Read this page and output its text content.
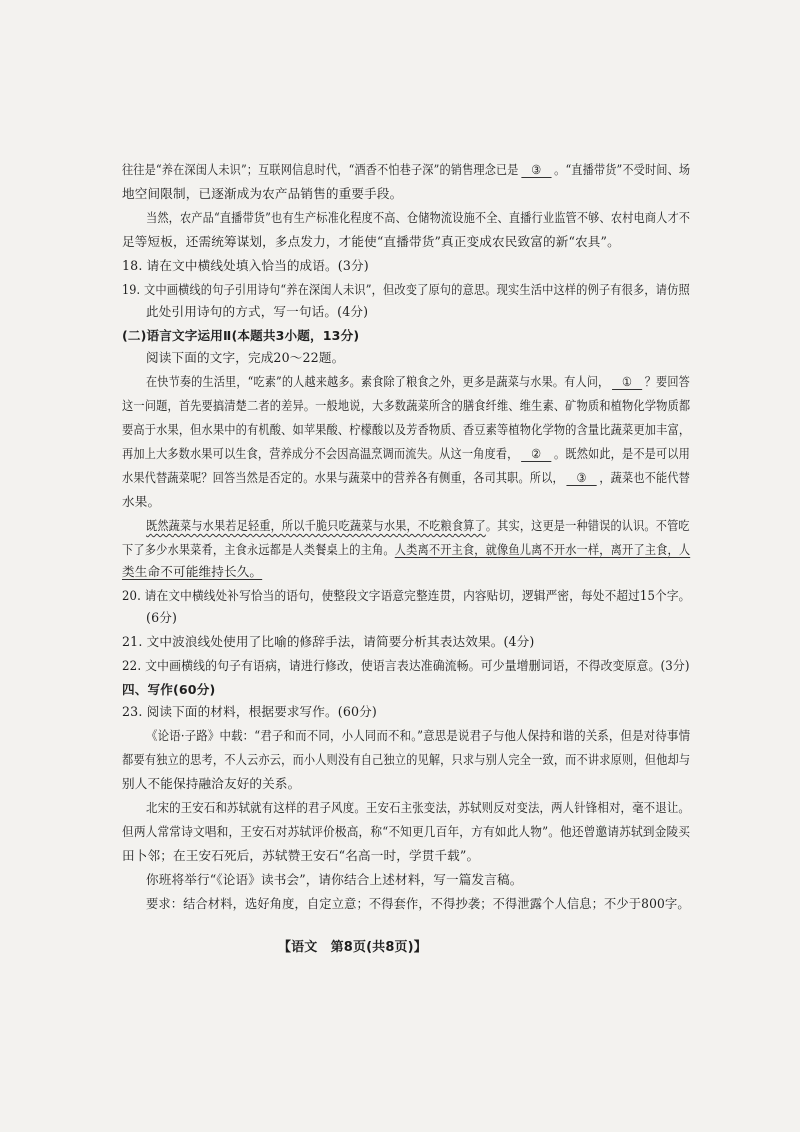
往往是“养在深闺人未识”；互联网信息时代，“酒香不怕巷子深”的销售理念已是 ③ 。“直播带货”不受时间、场
地空间限制，已逐渐成为农产品销售的重要手段。
当然，农产品“直播带货”也有生产标准化程度不高、仓储物流设施不全、直播行业监管不够、农村电商人才不
足等短板，还需统筹谋划，多点发力，才能使“直播带货”真正变成农民致富的新“农具”。
18. 请在文中横线处填入恰当的成语。(3分)
19. 文中画横线的句子引用诗句“养在深闺人未识”，但改变了原句的意思。现实生活中这样的例子有很多，请仿照
此处引用诗句的方式，写一句话。(4分)
(二)语言文字运用Ⅱ(本题共3小题，13分)
阅读下面的文字，完成20～22题。
在快节奏的生活里，“吃素”的人越来越多。素食除了粮食之外，更多是蔬菜与水果。有人问， ① ？要回答
这一问题，首先要搞清楚二者的差异。一般地说，大多数蔬菜所含的膳食纤维、维生素、矿物质和植物化学物质都
要高于水果，但水果中的有机酸、如苹果酸、柠檬酸以及芳香物质、香豆素等植物化学物的含量比蔬菜更加丰富，
再加上大多数水果可以生食，营养成分不会因高温烹调而流失。从这一角度看， ② 。既然如此，是不是可以用
水果代替蔬菜呢？回答当然是否定的。水果与蔬菜中的营养各有侧重，各司其职。所以， ③ ，蔬菜也不能代替
水果。
既然蔬菜与水果若足轻重，所以千脆只吃蔬菜与水果，不吃粮食算了。其实，这更是一种错误的认识。不管吃
下了多少水果菜肴，主食永远都是人类餐桌上的主角。人类离不开主食，就像鱼儿离不开水一样，离开了主食，人
类生命不可能维持长久。
20. 请在文中横线处补写恰当的语句，使整段文字语意完整连贯，内容贴切，逻辑严密，每处不超过15个字。
(6分)
21. 文中波浪线处使用了比喻的修辞手法，请简要分析其表达效果。(4分)
22. 文中画横线的句子有语病，请进行修改，使语言表达准确流畅。可少量增删词语，不得改变原意。(3分)
四、写作(60分)
23. 阅读下面的材料，根据要求写作。(60分)
《论语·子路》中载：“君子和而不同，小人同而不和。”意思是说君子与他人保持和谐的关系，但是对待事情
都要有独立的思考，不人云亦云，而小人则没有自己独立的见解，只求与别人完全一致，而不讲求原则，但他却与
别人不能保持融洽友好的关系。
北宋的王安石和苏轼就有这样的君子风度。王安石主张变法，苏轼则反对变法，两人针锋相对，毫不退让。
但两人常常诗文唱和，王安石对苏轼评价极高，称“不知更几百年，方有如此人物”。他还曾邀请苏轼到金陵买
田卜邻；在王安石死后，苏轼赞王安石“名高一时，学贯千载”。
你班将举行“《论语》读书会”，请你结合上述材料，写一篇发言稿。
要求：结合材料，选好角度，自定立意；不得套作，不得抄袭；不得泄露个人信息；不少于800字。
【语文　第8页(共8页)】
